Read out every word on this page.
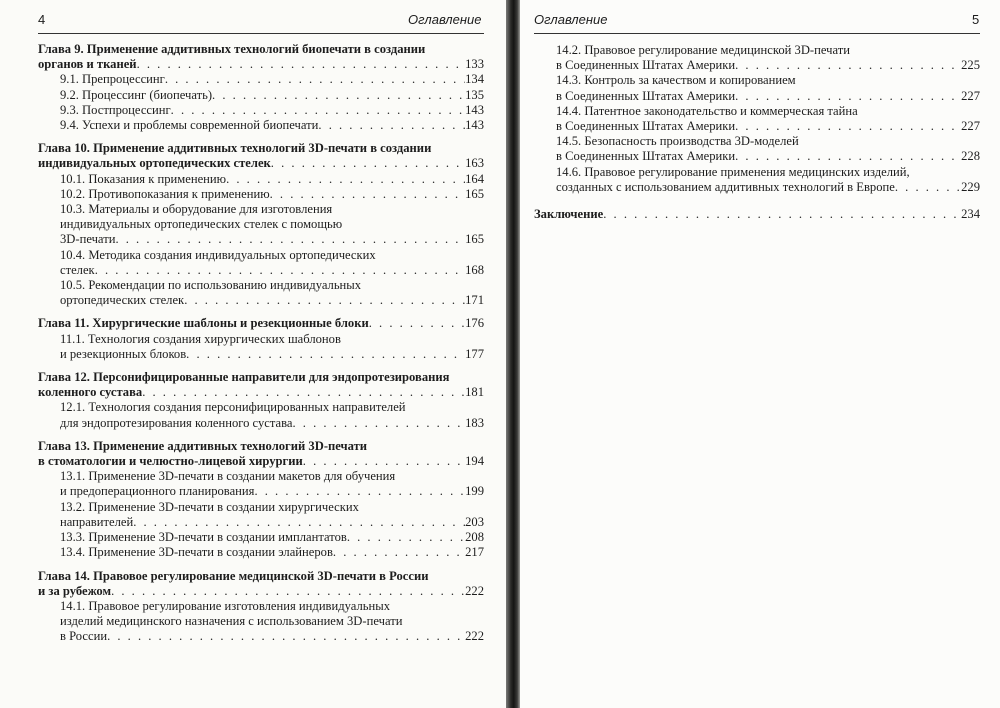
4	Оглавление
Глава 9. Применение аддитивных технологий биопечати в создании
органов и тканей . . .	133
9.1. Препроцессинг . . .	134
9.2. Процессинг (биопечать) . . .	135
9.3. Постпроцессинг . . .	143
9.4. Успехи и проблемы современной биопечати . . .	143
Глава 10. Применение аддитивных технологий 3D-печати в создании
индивидуальных ортопедических стелек . . .	163
10.1. Показания к применению . . .	164
10.2. Противопоказания к применению . . .	165
10.3. Материалы и оборудование для изготовления
индивидуальных ортопедических стелек с помощью
3D-печати . . .	165
10.4. Методика создания индивидуальных ортопедических
стелек . . .	168
10.5. Рекомендации по использованию индивидуальных
ортопедических стелек . . .	171
Глава 11. Хирургические шаблоны и резекционные блоки . . .	176
11.1. Технология создания хирургических шаблонов
и резекционных блоков . . .	177
Глава 12. Персонифицированные направители для эндопротезирования
коленного сустава . . .	181
12.1. Технология создания персонифицированных направителей
для эндопротезирования коленного сустава . . .	183
Глава 13. Применение аддитивных технологий 3D-печати
в стоматологии и челюстно-лицевой хирургии . . .	194
13.1. Применение 3D-печати в создании макетов для обучения
и предоперационного планирования . . .	199
13.2. Применение 3D-печати в создании хирургических
направителей . . .	203
13.3. Применение 3D-печати в создании имплантатов . . .	208
13.4. Применение 3D-печати в создании элайнеров . . .	217
Глава 14. Правовое регулирование медицинской 3D-печати в России
и за рубежом . . .	222
14.1. Правовое регулирование изготовления индивидуальных
изделий медицинского назначения с использованием 3D-печати
в России . . .	222
Оглавление	5
14.2. Правовое регулирование медицинской 3D-печати
в Соединенных Штатах Америки . . .	225
14.3. Контроль за качеством и копированием
в Соединенных Штатах Америки . . .	227
14.4. Патентное законодательство и коммерческая тайна
в Соединенных Штатах Америки . . .	227
14.5. Безопасность производства 3D-моделей
в Соединенных Штатах Америки . . .	228
14.6. Правовое регулирование применения медицинских изделий,
созданных с использованием аддитивных технологий в Европе . . .	229
Заключение . . .	234
